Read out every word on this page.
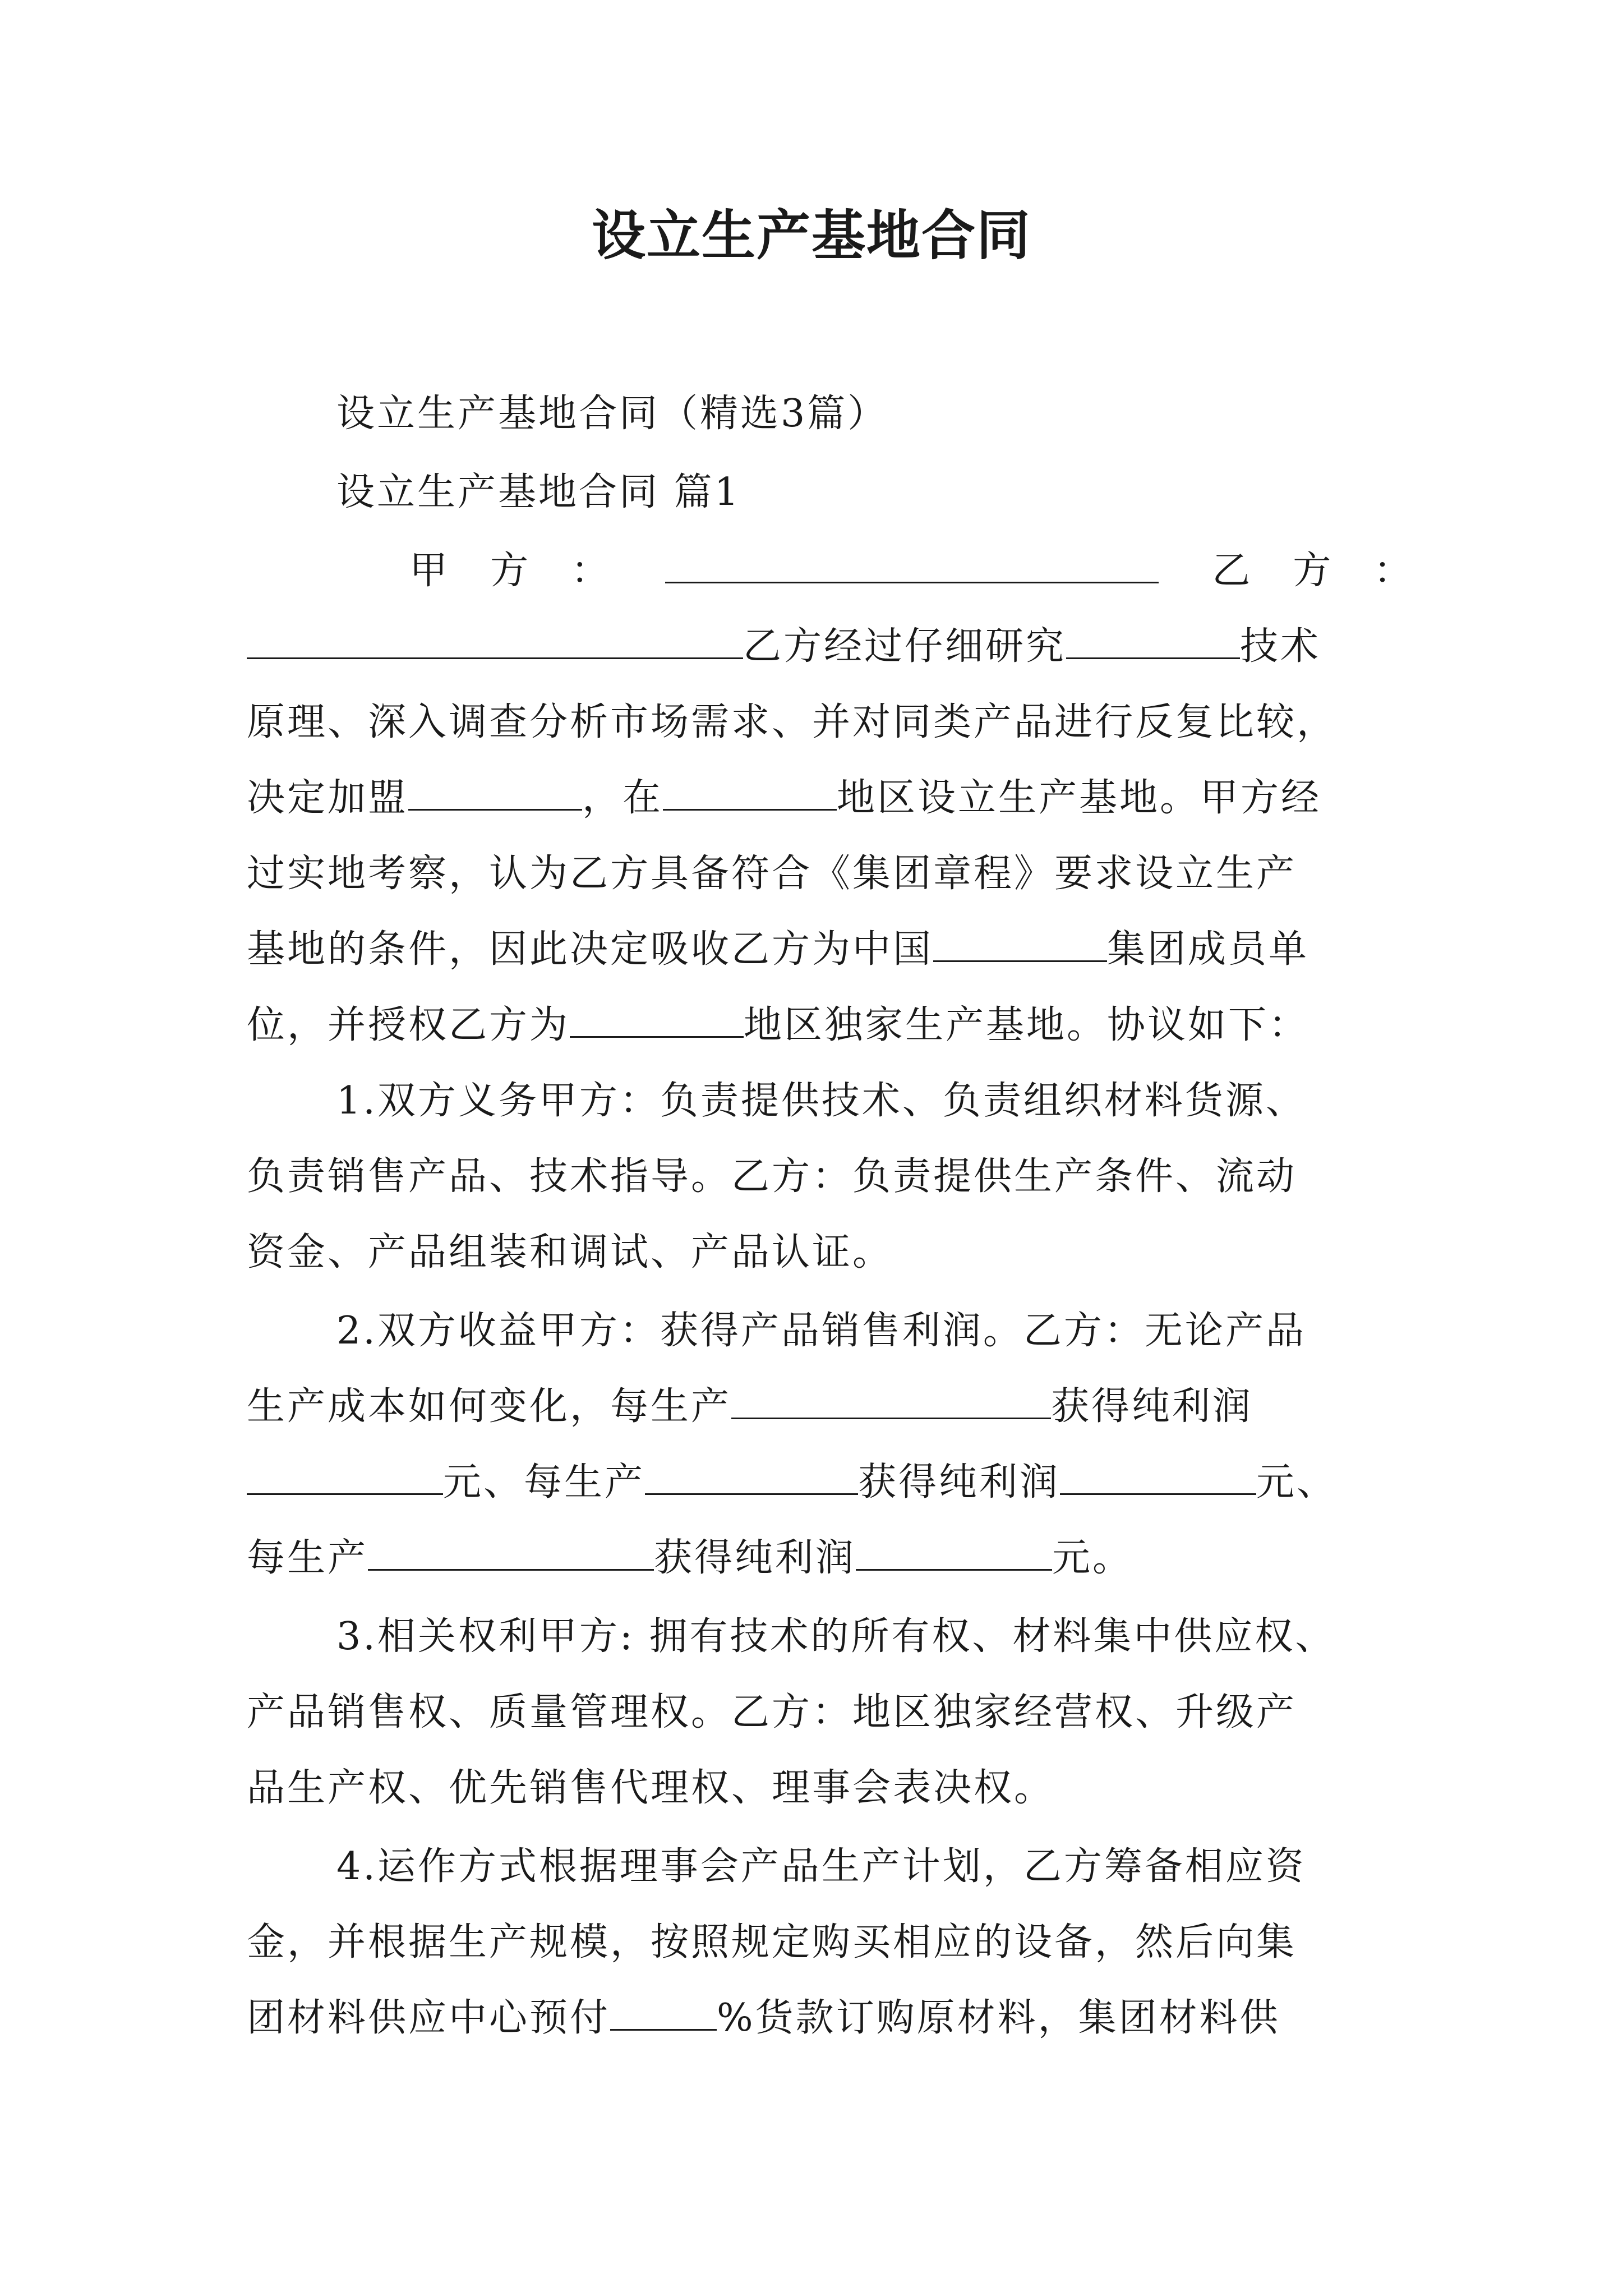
设立生产基地合同

设立生产基地合同（精选3篇）

设立生产基地合同 篇1

甲　方　：	乙　方　：
乙方经过仔细研究	技术

原理、深入调查分析市场需求、并对同类产品进行反复比较，

决定加盟	，在	地区设立生产基地。甲方经

过实地考察，认为乙方具备符合《集团章程》要求设立生产

基地的条件，因此决定吸收乙方为中国	集团成员单
位，并授权乙方为	地区独家生产基地。协议如下：

1.双方义务甲方：负责提供技术、负责组织材料货源、

负责销售产品、技术指导。乙方：负责提供生产条件、流动

资金、产品组装和调试、产品认证。

2.双方收益甲方：获得产品销售利润。乙方：无论产品

生产成本如何变化，每生产	获得纯利润
元、每生产	获得纯利润	元、
每生产	获得纯利润	元。

3.相关权利甲方: 拥有技术的所有权、材料集中供应权、

产品销售权、质量管理权。乙方：地区独家经营权、升级产

品生产权、优先销售代理权、理事会表决权。

4.运作方式根据理事会产品生产计划，乙方筹备相应资

金，并根据生产规模，按照规定购买相应的设备，然后向集

团材料供应中心预付	%货款订购原材料，集团材料供
